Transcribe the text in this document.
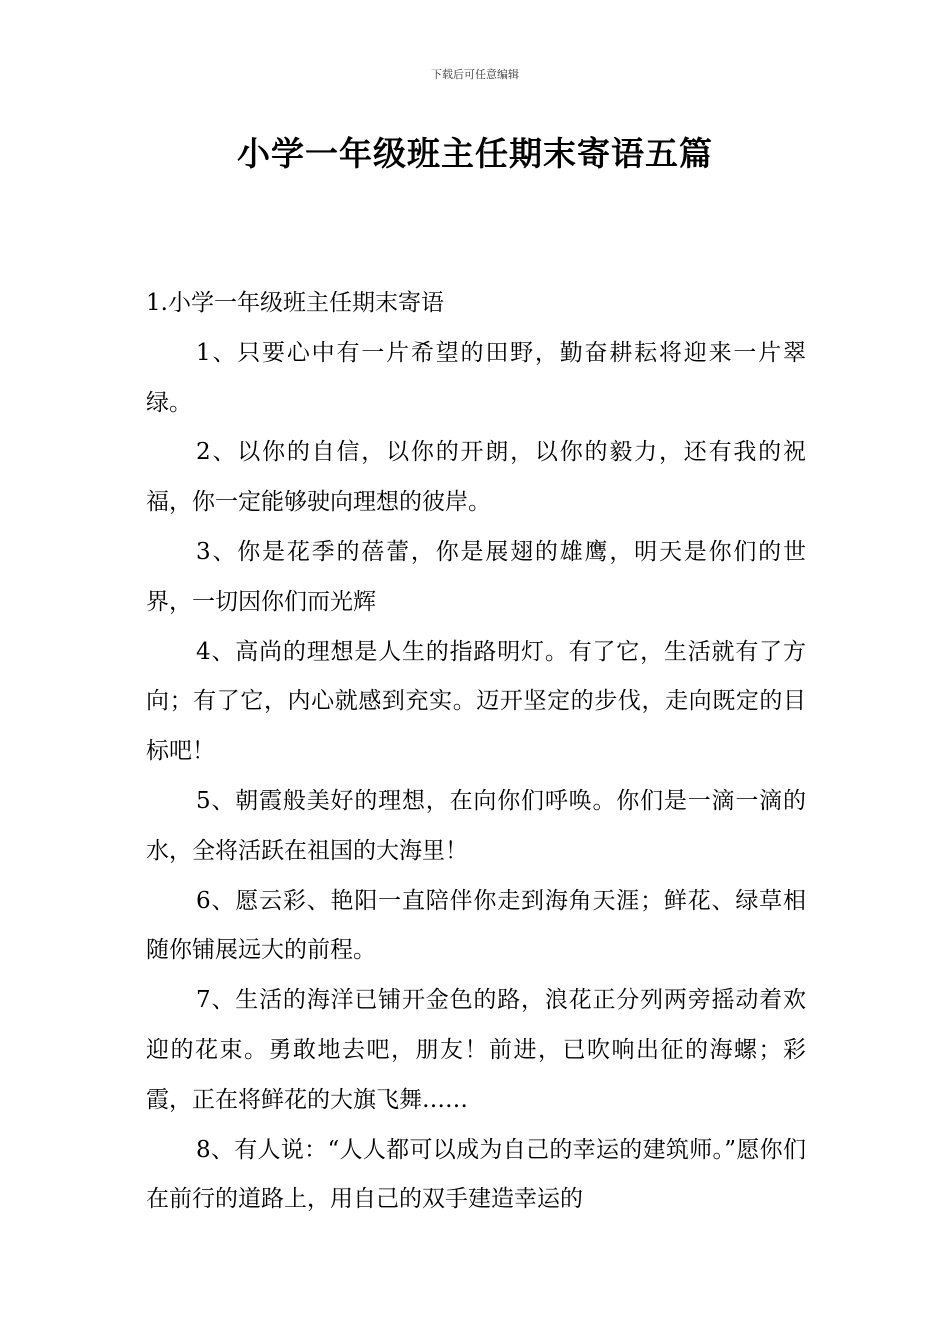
下载后可任意编辑
小学一年级班主任期末寄语五篇
1.小学一年级班主任期末寄语

1、只要心中有一片希望的田野，勤奋耕耘将迎来一片翠绿。

2、以你的自信，以你的开朗，以你的毅力，还有我的祝福，你一定能够驶向理想的彼岸。

3、你是花季的蓓蕾，你是展翅的雄鹰，明天是你们的世界，一切因你们而光辉

4、高尚的理想是人生的指路明灯。有了它，生活就有了方向；有了它，内心就感到充实。迈开坚定的步伐，走向既定的目标吧！

5、朝霞般美好的理想，在向你们呼唤。你们是一滴一滴的水，全将活跃在祖国的大海里！

6、愿云彩、艳阳一直陪伴你走到海角天涯；鲜花、绿草相随你铺展远大的前程。

7、生活的海洋已铺开金色的路，浪花正分列两旁摇动着欢迎的花束。勇敢地去吧，朋友！前进，已吹响出征的海螺；彩霞，正在将鲜花的大旗飞舞……

8、有人说：“人人都可以成为自己的幸运的建筑师。”愿你们在前行的道路上，用自己的双手建造幸运的
